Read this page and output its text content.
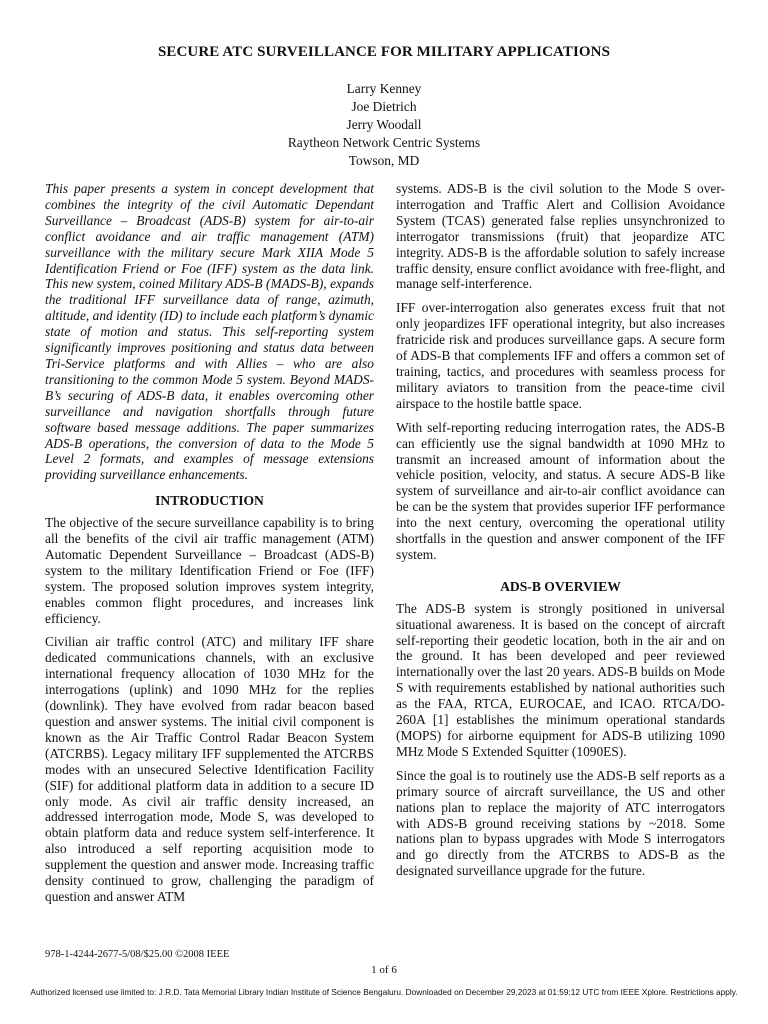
SECURE ATC SURVEILLANCE FOR MILITARY APPLICATIONS
Larry Kenney
Joe Dietrich
Jerry Woodall
Raytheon Network Centric Systems
Towson, MD

This paper presents a system in concept development that combines the integrity of the civil Automatic Dependant Surveillance – Broadcast (ADS-B) system for air-to-air conflict avoidance and air traffic management (ATM) surveillance with the military secure Mark XIIA Mode 5 Identification Friend or Foe (IFF) system as the data link. This new system, coined Military ADS-B (MADS-B), expands the traditional IFF surveillance data of range, azimuth, altitude, and identity (ID) to include each platform’s dynamic state of motion and status. This self-reporting system significantly improves positioning and status data between Tri-Service platforms and with Allies – who are also transitioning to the common Mode 5 system. Beyond MADS-B’s securing of ADS-B data, it enables overcoming other surveillance and navigation shortfalls through future software based message additions. The paper summarizes ADS-B operations, the conversion of data to the Mode 5 Level 2 formats, and examples of message extensions providing surveillance enhancements.

INTRODUCTION

The objective of the secure surveillance capability is to bring all the benefits of the civil air traffic management (ATM) Automatic Dependent Surveillance – Broadcast (ADS-B) system to the military Identification Friend or Foe (IFF) system. The proposed solution improves system integrity, enables common flight procedures, and increases link efficiency.

Civilian air traffic control (ATC) and military IFF share dedicated communications channels, with an exclusive international frequency allocation of 1030 MHz for the interrogations (uplink) and 1090 MHz for the replies (downlink). They have evolved from radar beacon based question and answer systems. The initial civil component is known as the Air Traffic Control Radar Beacon System (ATCRBS). Legacy military IFF supplemented the ATCRBS modes with an unsecured Selective Identification Facility (SIF) for additional platform data in addition to a secure ID only mode. As civil air traffic density increased, an addressed interrogation mode, Mode S, was developed to obtain platform data and reduce system self-interference. It also introduced a self reporting acquisition mode to supplement the question and answer mode. Increasing traffic density continued to grow, challenging the paradigm of question and answer ATM

systems. ADS-B is the civil solution to the Mode S over-interrogation and Traffic Alert and Collision Avoidance System (TCAS) generated false replies unsynchronized to interrogator transmissions (fruit) that jeopardize ATC integrity. ADS-B is the affordable solution to safely increase traffic density, ensure conflict avoidance with free-flight, and manage self-interference.

IFF over-interrogation also generates excess fruit that not only jeopardizes IFF operational integrity, but also increases fratricide risk and produces surveillance gaps. A secure form of ADS-B that complements IFF and offers a common set of training, tactics, and procedures with seamless process for military aviators to transition from the peace-time civil airspace to the hostile battle space.

With self-reporting reducing interrogation rates, the ADS-B can efficiently use the signal bandwidth at 1090 MHz to transmit an increased amount of information about the vehicle position, velocity, and status. A secure ADS-B like system of surveillance and air-to-air conflict avoidance can be can be the system that provides superior IFF performance into the next century, overcoming the operational utility shortfalls in the question and answer component of the IFF system.

ADS-B OVERVIEW

The ADS-B system is strongly positioned in universal situational awareness. It is based on the concept of aircraft self-reporting their geodetic location, both in the air and on the ground. It has been developed and peer reviewed internationally over the last 20 years. ADS-B builds on Mode S with requirements established by national authorities such as the FAA, RTCA, EUROCAE, and ICAO. RTCA/DO-260A [1] establishes the minimum operational standards (MOPS) for airborne equipment for ADS-B utilizing 1090 MHz Mode S Extended Squitter (1090ES).

Since the goal is to routinely use the ADS-B self reports as a primary source of aircraft surveillance, the US and other nations plan to replace the majority of ATC interrogators with ADS-B ground receiving stations by ~2018. Some nations plan to bypass upgrades with Mode S interrogators and go directly from the ATCRBS to ADS-B as the designated surveillance upgrade for the future.

978-1-4244-2677-5/08/$25.00 ©2008 IEEE
1 of 6
Authorized licensed use limited to: J.R.D. Tata Memorial Library Indian Institute of Science Bengaluru. Downloaded on December 29,2023 at 01:59:12 UTC from IEEE Xplore. Restrictions apply.
